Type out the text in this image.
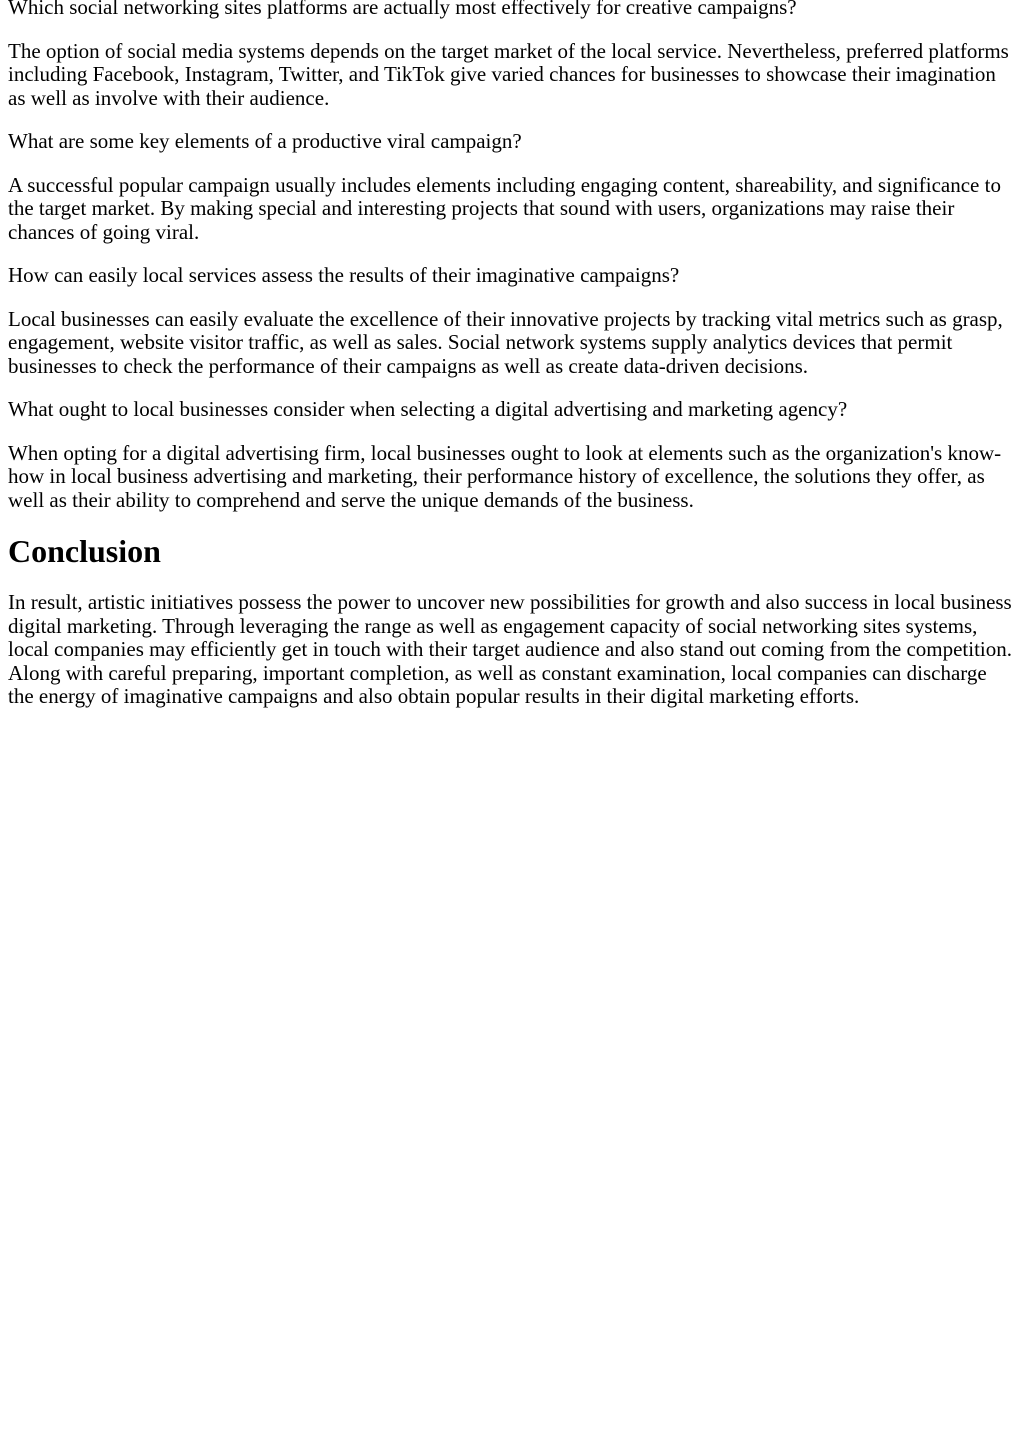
Which social networking sites platforms are actually most effectively for creative campaigns?

The option of social media systems depends on the target market of the local service. Nevertheless, preferred platforms including Facebook, Instagram, Twitter, and TikTok give varied chances for businesses to showcase their imagination as well as involve with their audience.

What are some key elements of a productive viral campaign?

A successful popular campaign usually includes elements including engaging content, shareability, and significance to the target market. By making special and interesting projects that sound with users, organizations may raise their chances of going viral.

How can easily local services assess the results of their imaginative campaigns?

Local businesses can easily evaluate the excellence of their innovative projects by tracking vital metrics such as grasp, engagement, website visitor traffic, as well as sales. Social network systems supply analytics devices that permit businesses to check the performance of their campaigns as well as create data-driven decisions.

What ought to local businesses consider when selecting a digital advertising and marketing agency?

When opting for a digital advertising firm, local businesses ought to look at elements such as the organization's know-how in local business advertising and marketing, their performance history of excellence, the solutions they offer, as well as their ability to comprehend and serve the unique demands of the business.

Conclusion

In result, artistic initiatives possess the power to uncover new possibilities for growth and also success in local business digital marketing. Through leveraging the range as well as engagement capacity of social networking sites systems, local companies may efficiently get in touch with their target audience and also stand out coming from the competition. Along with careful preparing, important completion, as well as constant examination, local companies can discharge the energy of imaginative campaigns and also obtain popular results in their digital marketing efforts.
